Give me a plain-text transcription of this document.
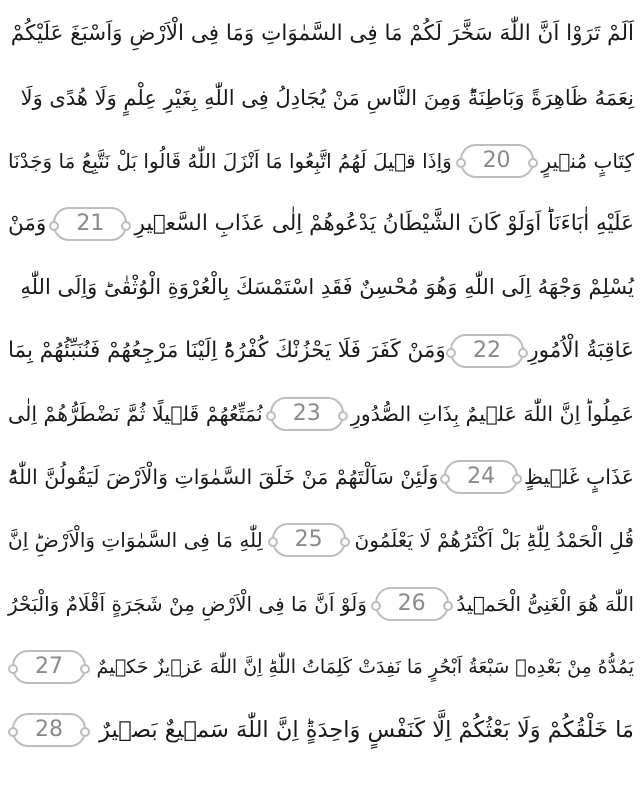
اَلَمْ تَرَوْا اَنَّ اللّٰهَ سَخَّرَ لَكُمْ مَا فِى السَّمٰوَاتِ وَمَا فِى الْاَرْضِ وَاَسْبَغَ عَلَيْكُمْ
نِعَمَهُ ظَاهِرَةً وَبَاطِنَةًؕ وَمِنَ النَّاسِ مَنْ يُجَادِلُ فِى اللّٰهِ بِغَيْرِ عِلْمٍ وَلَا هُدًى وَلَا
كِتَابٍ مُنٖيرٍ
20
وَاِذَا قٖيلَ لَهُمُ اتَّبِعُوا مَا اَنْزَلَ اللّٰهُ قَالُوا بَلْ نَتَّبِعُ مَا وَجَدْنَا
عَلَيْهِ اٰبَاءَنَاؕ اَوَلَوْ كَانَ الشَّيْطَانُ يَدْعُوهُمْ اِلٰى عَذَابِ السَّعٖيرِ
21
وَمَنْ
يُسْلِمْ وَجْهَهُ اِلَى اللّٰهِ وَهُوَ مُحْسِنٌ فَقَدِ اسْتَمْسَكَ بِالْعُرْوَةِ الْوُثْقٰىؕ وَاِلَى اللّٰهِ
عَاقِبَةُ الْاُمُورِ
22
وَمَنْ كَفَرَ فَلَا يَحْزُنْكَ كُفْرُهُؕ اِلَيْنَا مَرْجِعُهُمْ فَنُنَبِّئُهُمْ بِمَا
عَمِلُواؕ اِنَّ اللّٰهَ عَلٖيمٌ بِذَاتِ الصُّدُورِ
23
نُمَتِّعُهُمْ قَلٖيلًا ثُمَّ نَضْطَرُّهُمْ اِلٰى
عَذَابٍ غَلٖيظٍ
24
وَلَئِنْ سَاَلْتَهُمْ مَنْ خَلَقَ السَّمٰوَاتِ وَالْاَرْضَ لَيَقُولُنَّ اللّٰهُؕ
قُلِ الْحَمْدُ لِلّٰهِؕ بَلْ اَكْثَرُهُمْ لَا يَعْلَمُونَ
25
لِلّٰهِ مَا فِى السَّمٰوَاتِ وَالْاَرْضِؕ اِنَّ
اللّٰهَ هُوَ الْغَنِىُّ الْحَمٖيدُ
26
وَلَوْ اَنَّ مَا فِى الْاَرْضِ مِنْ شَجَرَةٍ اَقْلَامٌ وَالْبَحْرُ
يَمُدُّهُ مِنْ بَعْدِهٖ سَبْعَةُ اَبْحُرٍ مَا نَفِدَتْ كَلِمَاتُ اللّٰهِؕ اِنَّ اللّٰهَ عَزٖيزٌ حَكٖيمٌ
27
مَا خَلْقُكُمْ وَلَا بَعْثُكُمْ اِلَّا كَنَفْسٍ وَاحِدَةٍؕ اِنَّ اللّٰهَ سَمٖيعٌ بَصٖيرٌ
28
